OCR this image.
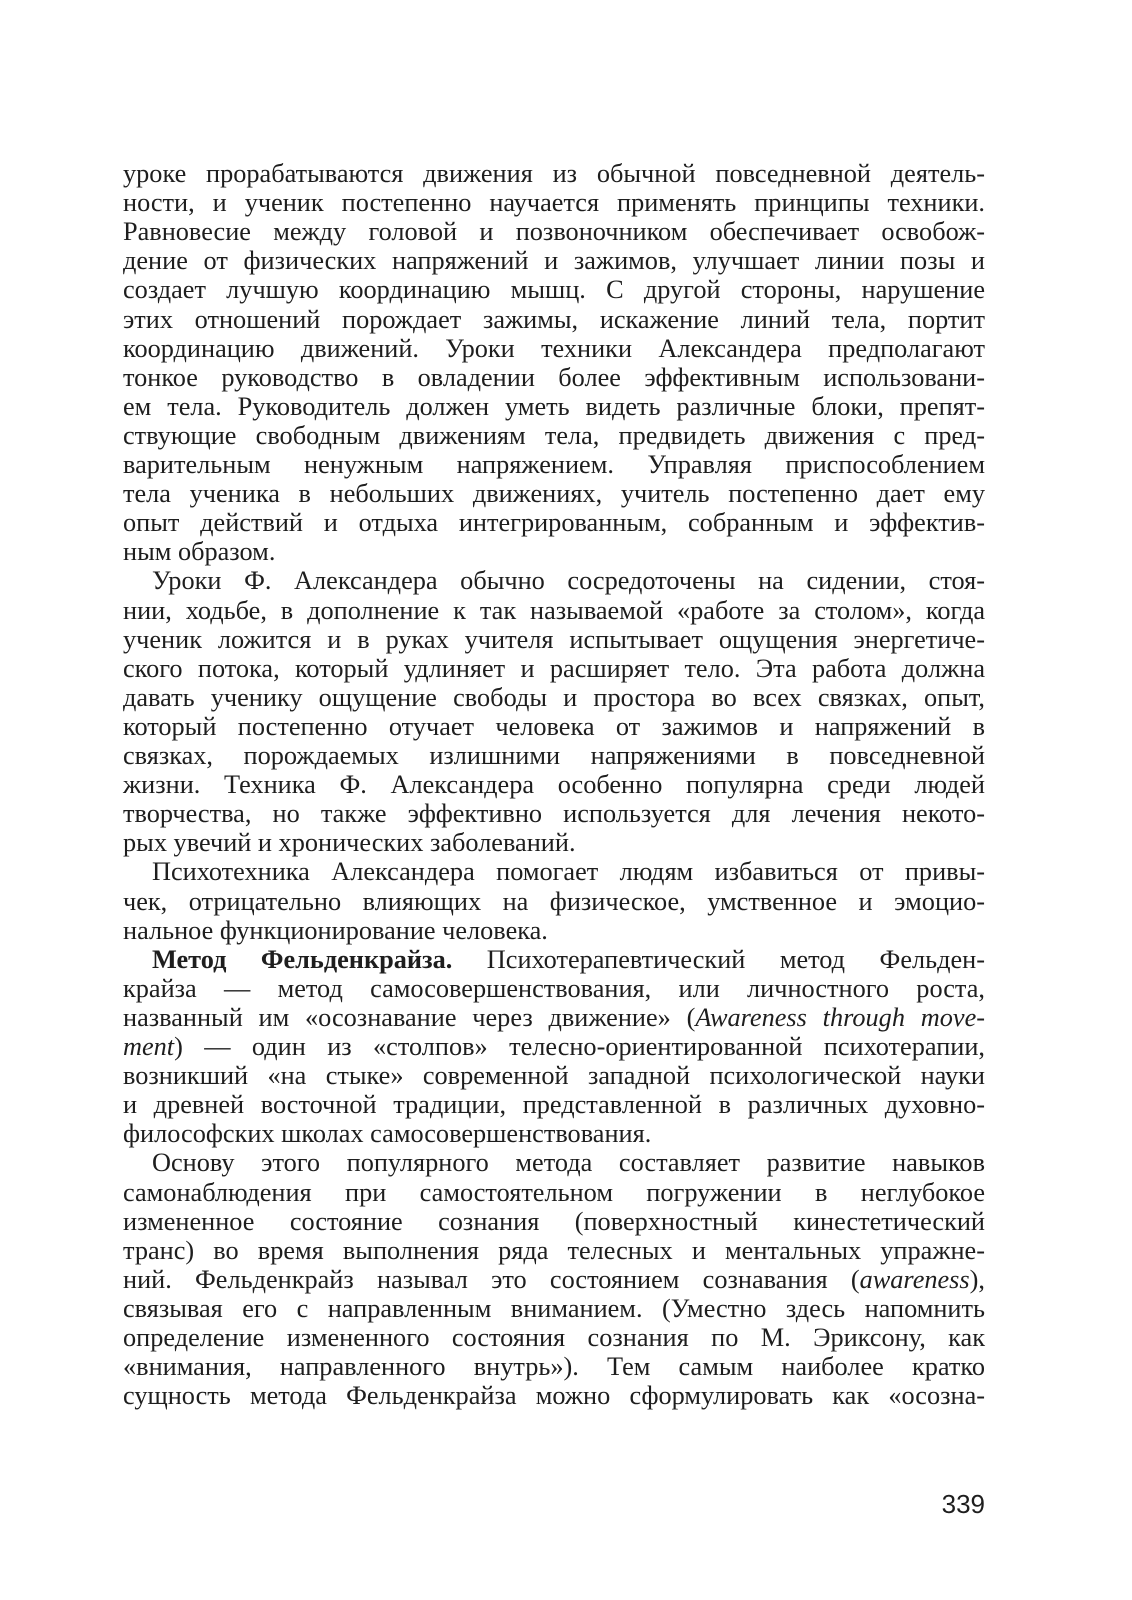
уроке прорабатываются движения из обычной повседневной деятель-
ности, и ученик постепенно научается применять принципы техники.
Равновесие между головой и позвоночником обеспечивает освобож-
дение от физических напряжений и зажимов, улучшает линии позы и
создает лучшую координацию мышц. С другой стороны, нарушение
этих отношений порождает зажимы, искажение линий тела, портит
координацию движений. Уроки техники Александера предполагают
тонкое руководство в овладении более эффективным использовани-
ем тела. Руководитель должен уметь видеть различные блоки, препят-
ствующие свободным движениям тела, предвидеть движения с пред-
варительным ненужным напряжением. Управляя приспособлением
тела ученика в небольших движениях, учитель постепенно дает ему
опыт действий и отдыха интегрированным, собранным и эффектив-
ным образом.
Уроки Ф. Александера обычно сосредоточены на сидении, стоя-
нии, ходьбе, в дополнение к так называемой «работе за столом», когда
ученик ложится и в руках учителя испытывает ощущения энергетиче-
ского потока, который удлиняет и расширяет тело. Эта работа должна
давать ученику ощущение свободы и простора во всех связках, опыт,
который постепенно отучает человека от зажимов и напряжений в
связках, порождаемых излишними напряжениями в повседневной
жизни. Техника Ф. Александера особенно популярна среди людей
творчества, но также эффективно используется для лечения некото-
рых увечий и хронических заболеваний.
Психотехника Александера помогает людям избавиться от привы-
чек, отрицательно влияющих на физическое, умственное и эмоцио-
нальное функционирование человека.
Метод Фельденкрайза. Психотерапевтический метод Фельден-
крайза — метод самосовершенствования, или личностного роста,
названный им «осознавание через движение» (Awareness through move-
ment) — один из «столпов» телесно-ориентированной психотерапии,
возникший «на стыке» современной западной психологической науки
и древней восточной традиции, представленной в различных духовно-
философских школах самосовершенствования.
Основу этого популярного метода составляет развитие навыков
самонаблюдения при самостоятельном погружении в неглубокое
измененное состояние сознания (поверхностный кинестетический
транс) во время выполнения ряда телесных и ментальных упражне-
ний. Фельденкрайз называл это состоянием сознавания (awareness),
связывая его с направленным вниманием. (Уместно здесь напомнить
определение измененного состояния сознания по М. Эриксону, как
«внимания, направленного внутрь»). Тем самым наиболее кратко
сущность метода Фельденкрайза можно сформулировать как «осозна-
339
